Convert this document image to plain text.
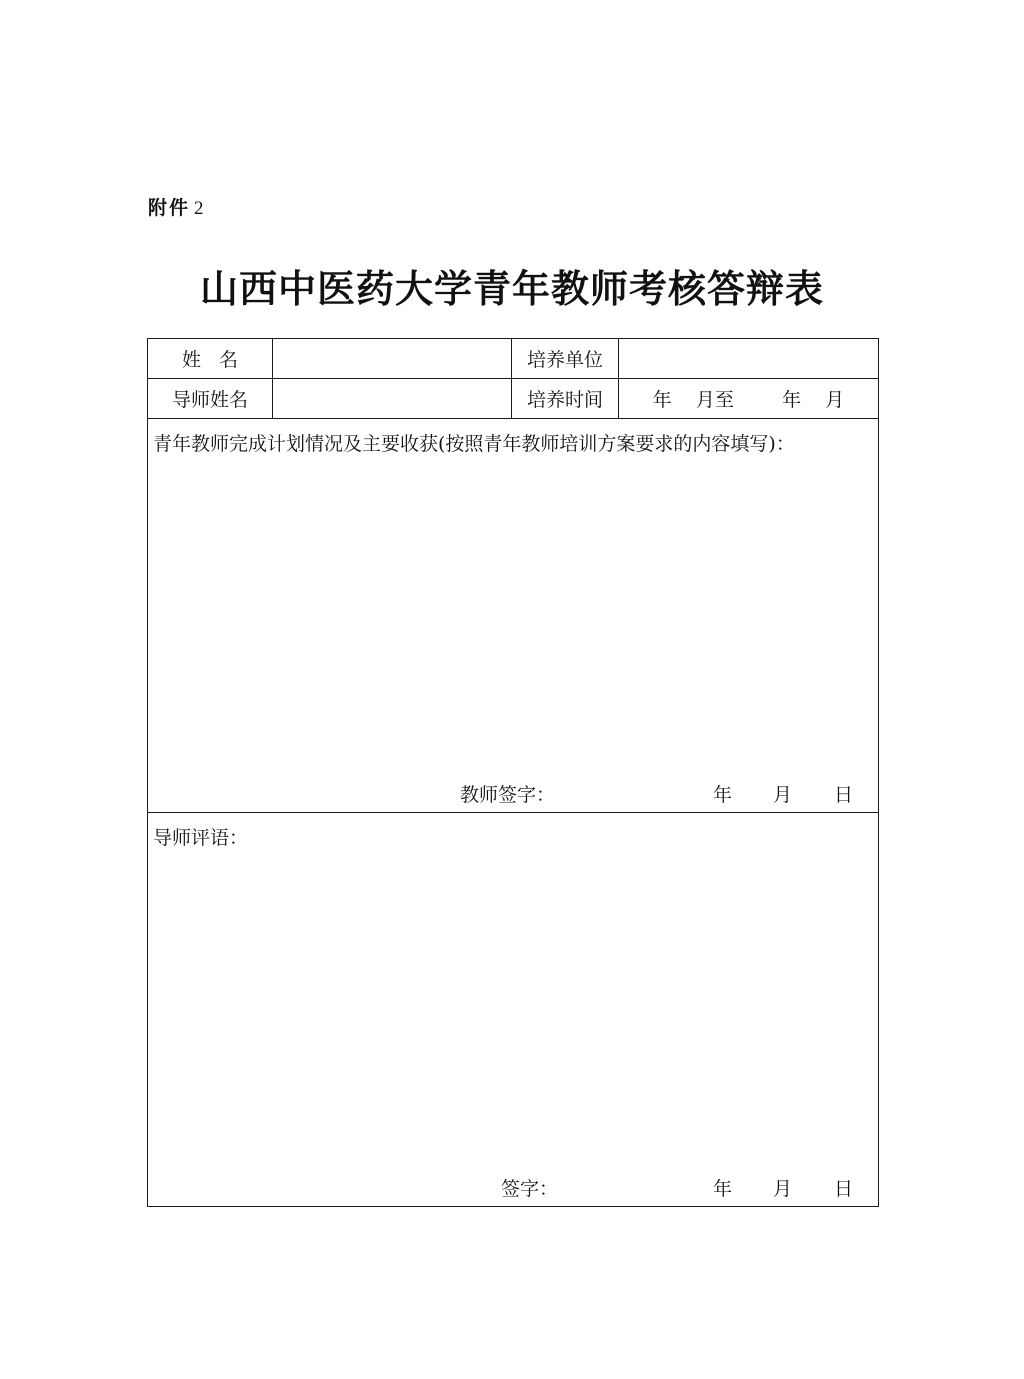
附件 2
山西中医药大学青年教师考核答辩表
姓名		培养单位	
导师姓名		培养时间	年    月至        年    月

青年教师完成计划情况及主要收获(按照青年教师培训方案要求的内容填写)：
教师签字： 年 月 日			

导师评语：
签字： 年 月 日			
